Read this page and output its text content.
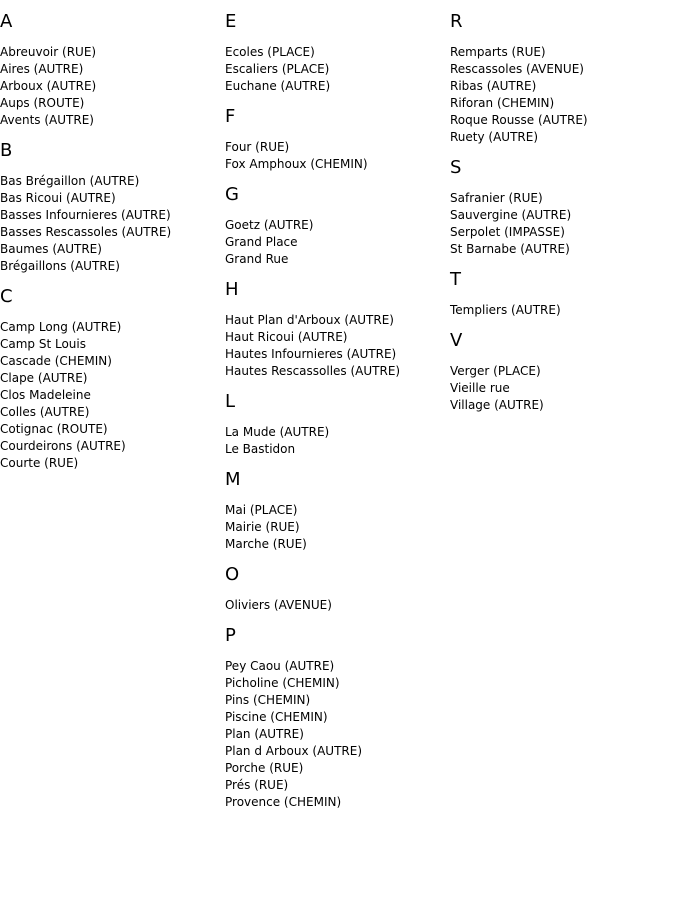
A
Abreuvoir (RUE)
Aires (AUTRE)
Arboux (AUTRE)
Aups (ROUTE)
Avents (AUTRE)
B
Bas Brégaillon (AUTRE)
Bas Ricoui (AUTRE)
Basses Infournieres (AUTRE)
Basses Rescassoles (AUTRE)
Baumes (AUTRE)
Brégaillons (AUTRE)
C
Camp Long (AUTRE)
Camp St Louis
Cascade (CHEMIN)
Clape (AUTRE)
Clos Madeleine
Colles (AUTRE)
Cotignac (ROUTE)
Courdeirons (AUTRE)
Courte (RUE)
E
Ecoles (PLACE)
Escaliers (PLACE)
Euchane (AUTRE)
F
Four (RUE)
Fox Amphoux (CHEMIN)
G
Goetz (AUTRE)
Grand Place
Grand Rue
H
Haut Plan d'Arboux (AUTRE)
Haut Ricoui (AUTRE)
Hautes Infournieres (AUTRE)
Hautes Rescassolles (AUTRE)
L
La Mude (AUTRE)
Le Bastidon
M
Mai (PLACE)
Mairie (RUE)
Marche (RUE)
O
Oliviers (AVENUE)
P
Pey Caou (AUTRE)
Picholine (CHEMIN)
Pins (CHEMIN)
Piscine (CHEMIN)
Plan (AUTRE)
Plan d Arboux (AUTRE)
Porche (RUE)
Prés (RUE)
Provence (CHEMIN)
R
Remparts (RUE)
Rescassoles (AVENUE)
Ribas (AUTRE)
Riforan (CHEMIN)
Roque Rousse (AUTRE)
Ruety (AUTRE)
S
Safranier (RUE)
Sauvergine (AUTRE)
Serpolet (IMPASSE)
St Barnabe (AUTRE)
T
Templiers (AUTRE)
V
Verger (PLACE)
Vieille rue
Village (AUTRE)
